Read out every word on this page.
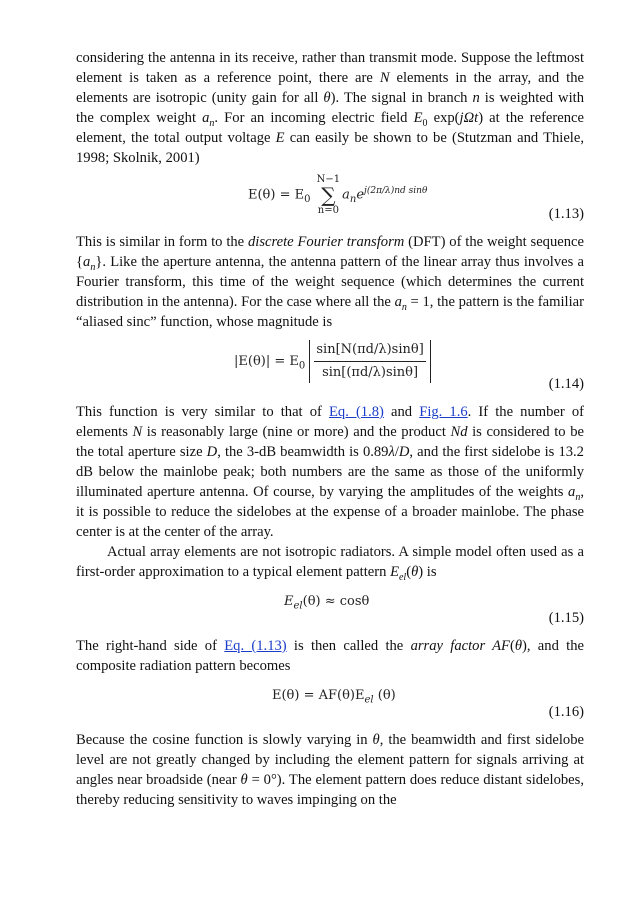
considering the antenna in its receive, rather than transmit mode. Suppose the leftmost element is taken as a reference point, there are N elements in the array, and the elements are isotropic (unity gain for all θ). The signal in branch n is weighted with the complex weight $a_n$. For an incoming electric field $E_0$ exp(jΩt) at the reference element, the total output voltage E can easily be shown to be (Stutzman and Thiele, 1998; Skolnik, 2001)

$E(\theta) = E_0$ N−1
∑
$n=0a_ne^{j(2\pi/\lambda)nd sin\theta}$
(1.13)

This is similar in form to the discrete Fourier transform (DFT) of the weight sequence $\{a_n\}$. Like the aperture antenna, the antenna pattern of the linear array thus involves a Fourier transform, this time of the weight sequence (which determines the current distribution in the antenna). For the case where all the $a_n = 1$, the pattern is the familiar “aliased sinc” function, whose magnitude is

$|E(\theta)| = E_0 \frac{\sin[N(\pi d/\lambda)\sin\theta]}{\sin[(\pi d/\lambda)\sin\theta]}$
(1.14)

This function is very similar to that of Eq. (1.8) and Fig. 1.6. If the number of elements N is reasonably large (nine or more) and the product Nd is considered to be the total aperture size D, the 3-dB beamwidth is 0.89λ/D, and the first sidelobe is 13.2 dB below the mainlobe peak; both numbers are the same as those of the uniformly illuminated aperture antenna. Of course, by varying the amplitudes of the weights $a_n$, it is possible to reduce the sidelobes at the expense of a broader mainlobe. The phase center is at the center of the array.

Actual array elements are not isotropic radiators. A simple model often used as a first-order approximation to a typical element pattern $E_{el}(\theta)$ is

$E_{el}(\theta) \approx \cos\theta$
(1.15)

The right-hand side of Eq. (1.13) is then called the array factor AF(θ), and the composite radiation pattern becomes

$E(\theta) = AF(\theta)E_{el}$ (θ)
(1.16)

Because the cosine function is slowly varying in θ, the beamwidth and first sidelobe level are not greatly changed by including the element pattern for signals arriving at angles near broadside (near θ = 0°). The element pattern does reduce distant sidelobes, thereby reducing sensitivity to waves impinging on the
